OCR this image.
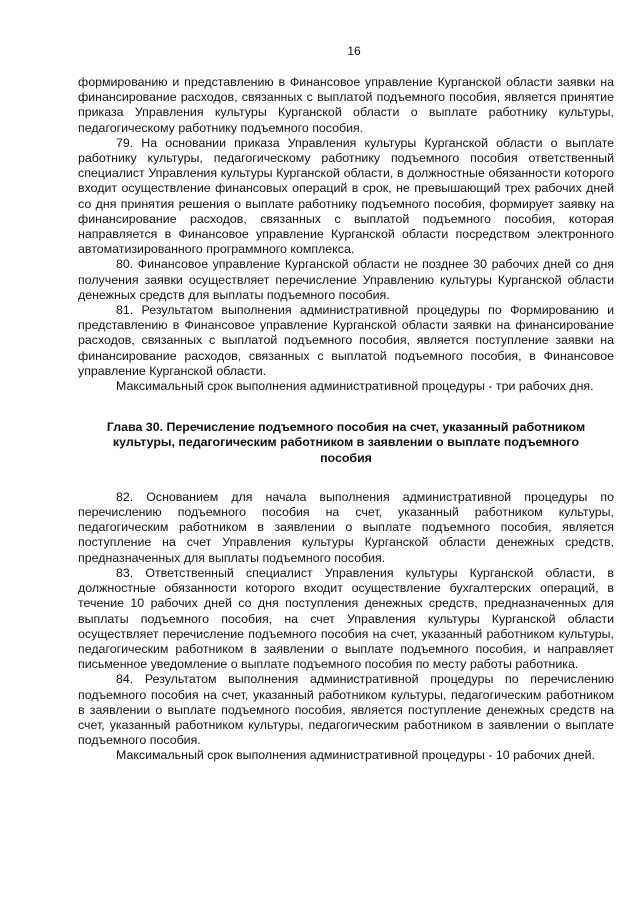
16

формированию и представлению в Финансовое управление Курганской области заявки на финансирование расходов, связанных с выплатой подъемного пособия, является принятие приказа Управления культуры Курганской области о выплате работнику культуры, педагогическому работнику подъемного пособия.

79. На основании приказа Управления культуры Курганской области о выплате работнику культуры, педагогическому работнику подъемного пособия ответственный специалист Управления культуры Курганской области, в должностные обязанности которого входит осуществление финансовых операций в срок, не превышающий трех рабочих дней со дня принятия решения о выплате работнику подъемного пособия, формирует заявку на финансирование расходов, связанных с выплатой подъемного пособия, которая направляется в Финансовое управление Курганской области посредством электронного автоматизированного программного комплекса.

80. Финансовое управление Курганской области не позднее 30 рабочих дней со дня получения заявки осуществляет перечисление Управлению культуры Курганской области денежных средств для выплаты подъемного пособия.

81. Результатом выполнения административной процедуры по Формированию и представлению в Финансовое управление Курганской области заявки на финансирование расходов, связанных с выплатой подъемного пособия, является поступление заявки на финансирование расходов, связанных с выплатой подъемного пособия, в Финансовое управление Курганской области.

Максимальный срок выполнения административной процедуры - три рабочих дня.

Глава 30. Перечисление подъемного пособия на счет, указанный работником культуры, педагогическим работником в заявлении о выплате подъемного пособия

82. Основанием для начала выполнения административной процедуры по перечислению подъемного пособия на счет, указанный работником культуры, педагогическим работником в заявлении о выплате подъемного пособия, является поступление на счет Управления культуры Курганской области денежных средств, предназначенных для выплаты подъемного пособия.

83. Ответственный специалист Управления культуры Курганской области, в должностные обязанности которого входит осуществление бухгалтерских операций, в течение 10 рабочих дней со дня поступления денежных средств, предназначенных для выплаты подъемного пособия, на счет Управления культуры Курганской области осуществляет перечисление подъемного пособия на счет, указанный работником культуры, педагогическим работником в заявлении о выплате подъемного пособия, и направляет письменное уведомление о выплате подъемного пособия по месту работы работника.

84. Результатом выполнения административной процедуры по перечислению подъемного пособия на счет, указанный работником культуры, педагогическим работником в заявлении о выплате подъемного пособия, является поступление денежных средств на счет, указанный работником культуры, педагогическим работником в заявлении о выплате подъемного пособия.

Максимальный срок выполнения административной процедуры - 10 рабочих дней.
